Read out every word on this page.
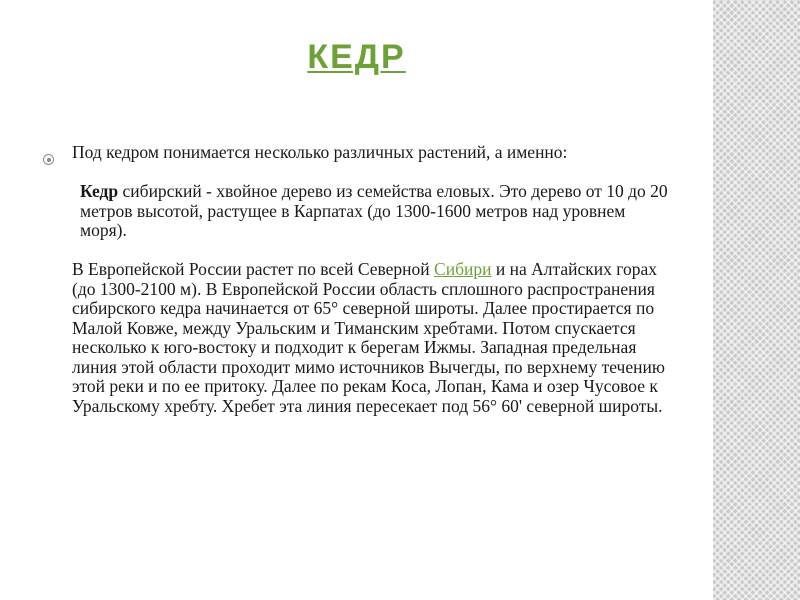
КЕДР

Под кедром понимается несколько различных растений, а именно:

Кедр сибирский - хвойное дерево из семейства еловых. Это дерево от 10 до 20 метров высотой, растущее в Карпатах (до 1300-1600 метров над уровнем моря).

В Европейской России растет по всей Северной Сибири и на Алтайских горах (до 1300-2100 м). В Европейской России область сплошного распространения сибирского кедра начинается от 65° северной широты. Далее простирается по Малой Ковже, между Уральским и Тиманским хребтами. Потом спускается несколько к юго-востоку и подходит к берегам Ижмы. Западная предельная линия этой области проходит мимо источников Вычегды, по верхнему течению этой реки и по ее притоку. Далее по рекам Коса, Лопан, Кама и озер Чусовое к Уральскому хребту. Хребет эта линия пересекает под 56° 60' северной широты.
